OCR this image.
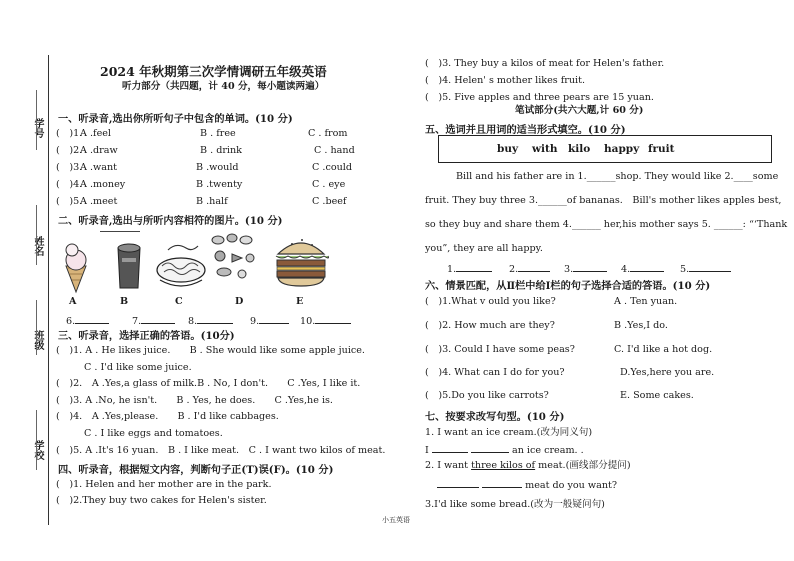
学号
姓名
班级
学校
2024 年秋期第三次学情调研五年级英语
听力部分（共四题，计 40 分，每小题读两遍）
一、听录音,选出你所听句子中包含的单词。(10 分)
(　)1.
A .feel	B . free	C . from
(　)2.
A .draw	B . drink	C . hand
(　)3.
A .want	B .would	C .could
(　)4.
A .money	B .twenty	C . eye
(　)5.
A .meet	B .half	C .beef
二、听录音,选出与所听内容相符的图片。(10 分)
A	B	C	D	E
6.	7.	8.	9.	10.
三、听录音，选择正确的答语。(10分)
(　)1. A . He likes juice.　　B . She would like some apple juice.
C . I'd like some juice.
(　)2.　A .Yes,a glass of milk.B . No, I don't.　　C .Yes, I like it.
(　)3. A .No, he isn't.　　B . Yes, he does.　　C .Yes,he is.
(　)4.　A .Yes,please.　　B . I'd like cabbages.
C . I like eggs and tomatoes.
(　)5. A .It's 16 yuan.　B . I like meat.　C . I want two kilos of meat.
四、听录音，根据短文内容，判断句子正(T)误(F)。(10 分)
(　)1. Helen and her mother are in the park.
(　)2.They buy two cakes for Helen's sister.
(　)3. They buy a kilos of meat for Helen's father.
(　)4. Helen' s mother likes fruit.
(　)5. Five apples and three pears are 15 yuan.
笔试部分(共六大题,计 60 分)
五、选词并且用词的适当形式填空。(10 分)
buy with kilo happy fruit
Bill and his father are in 1.______shop. They would like 2.____some
fruit. They buy three 3.______of bananas.　Bill's mother likes apples best,
so they buy and share them 4.______ her,his mother says 5. ______: “‘Thank
you”, they are all happy.
1.	2.	3.	4.	5.
六、情景匹配，从Ⅱ栏中给Ⅰ栏的句子选择合适的答语。(10 分)
(　)1.What v ould you like?	A . Ten yuan.
(　)2. How much are they?	B .Yes,I do.
(　)3. Could I have some peas?	C. I'd like a hot dog.
(　)4. What can I do for you?	D.Yes,here you are.
(　)5.Do you like carrots?	E. Some cakes.
七、按要求改写句型。(10 分)
1. I want an ice cream.(改为同义句)
I	an ice cream. .
2. I want three kilos of meat.(画线部分提问)
meat do you want?
3.I'd like some bread.(改为一般疑问句)
小五英语
